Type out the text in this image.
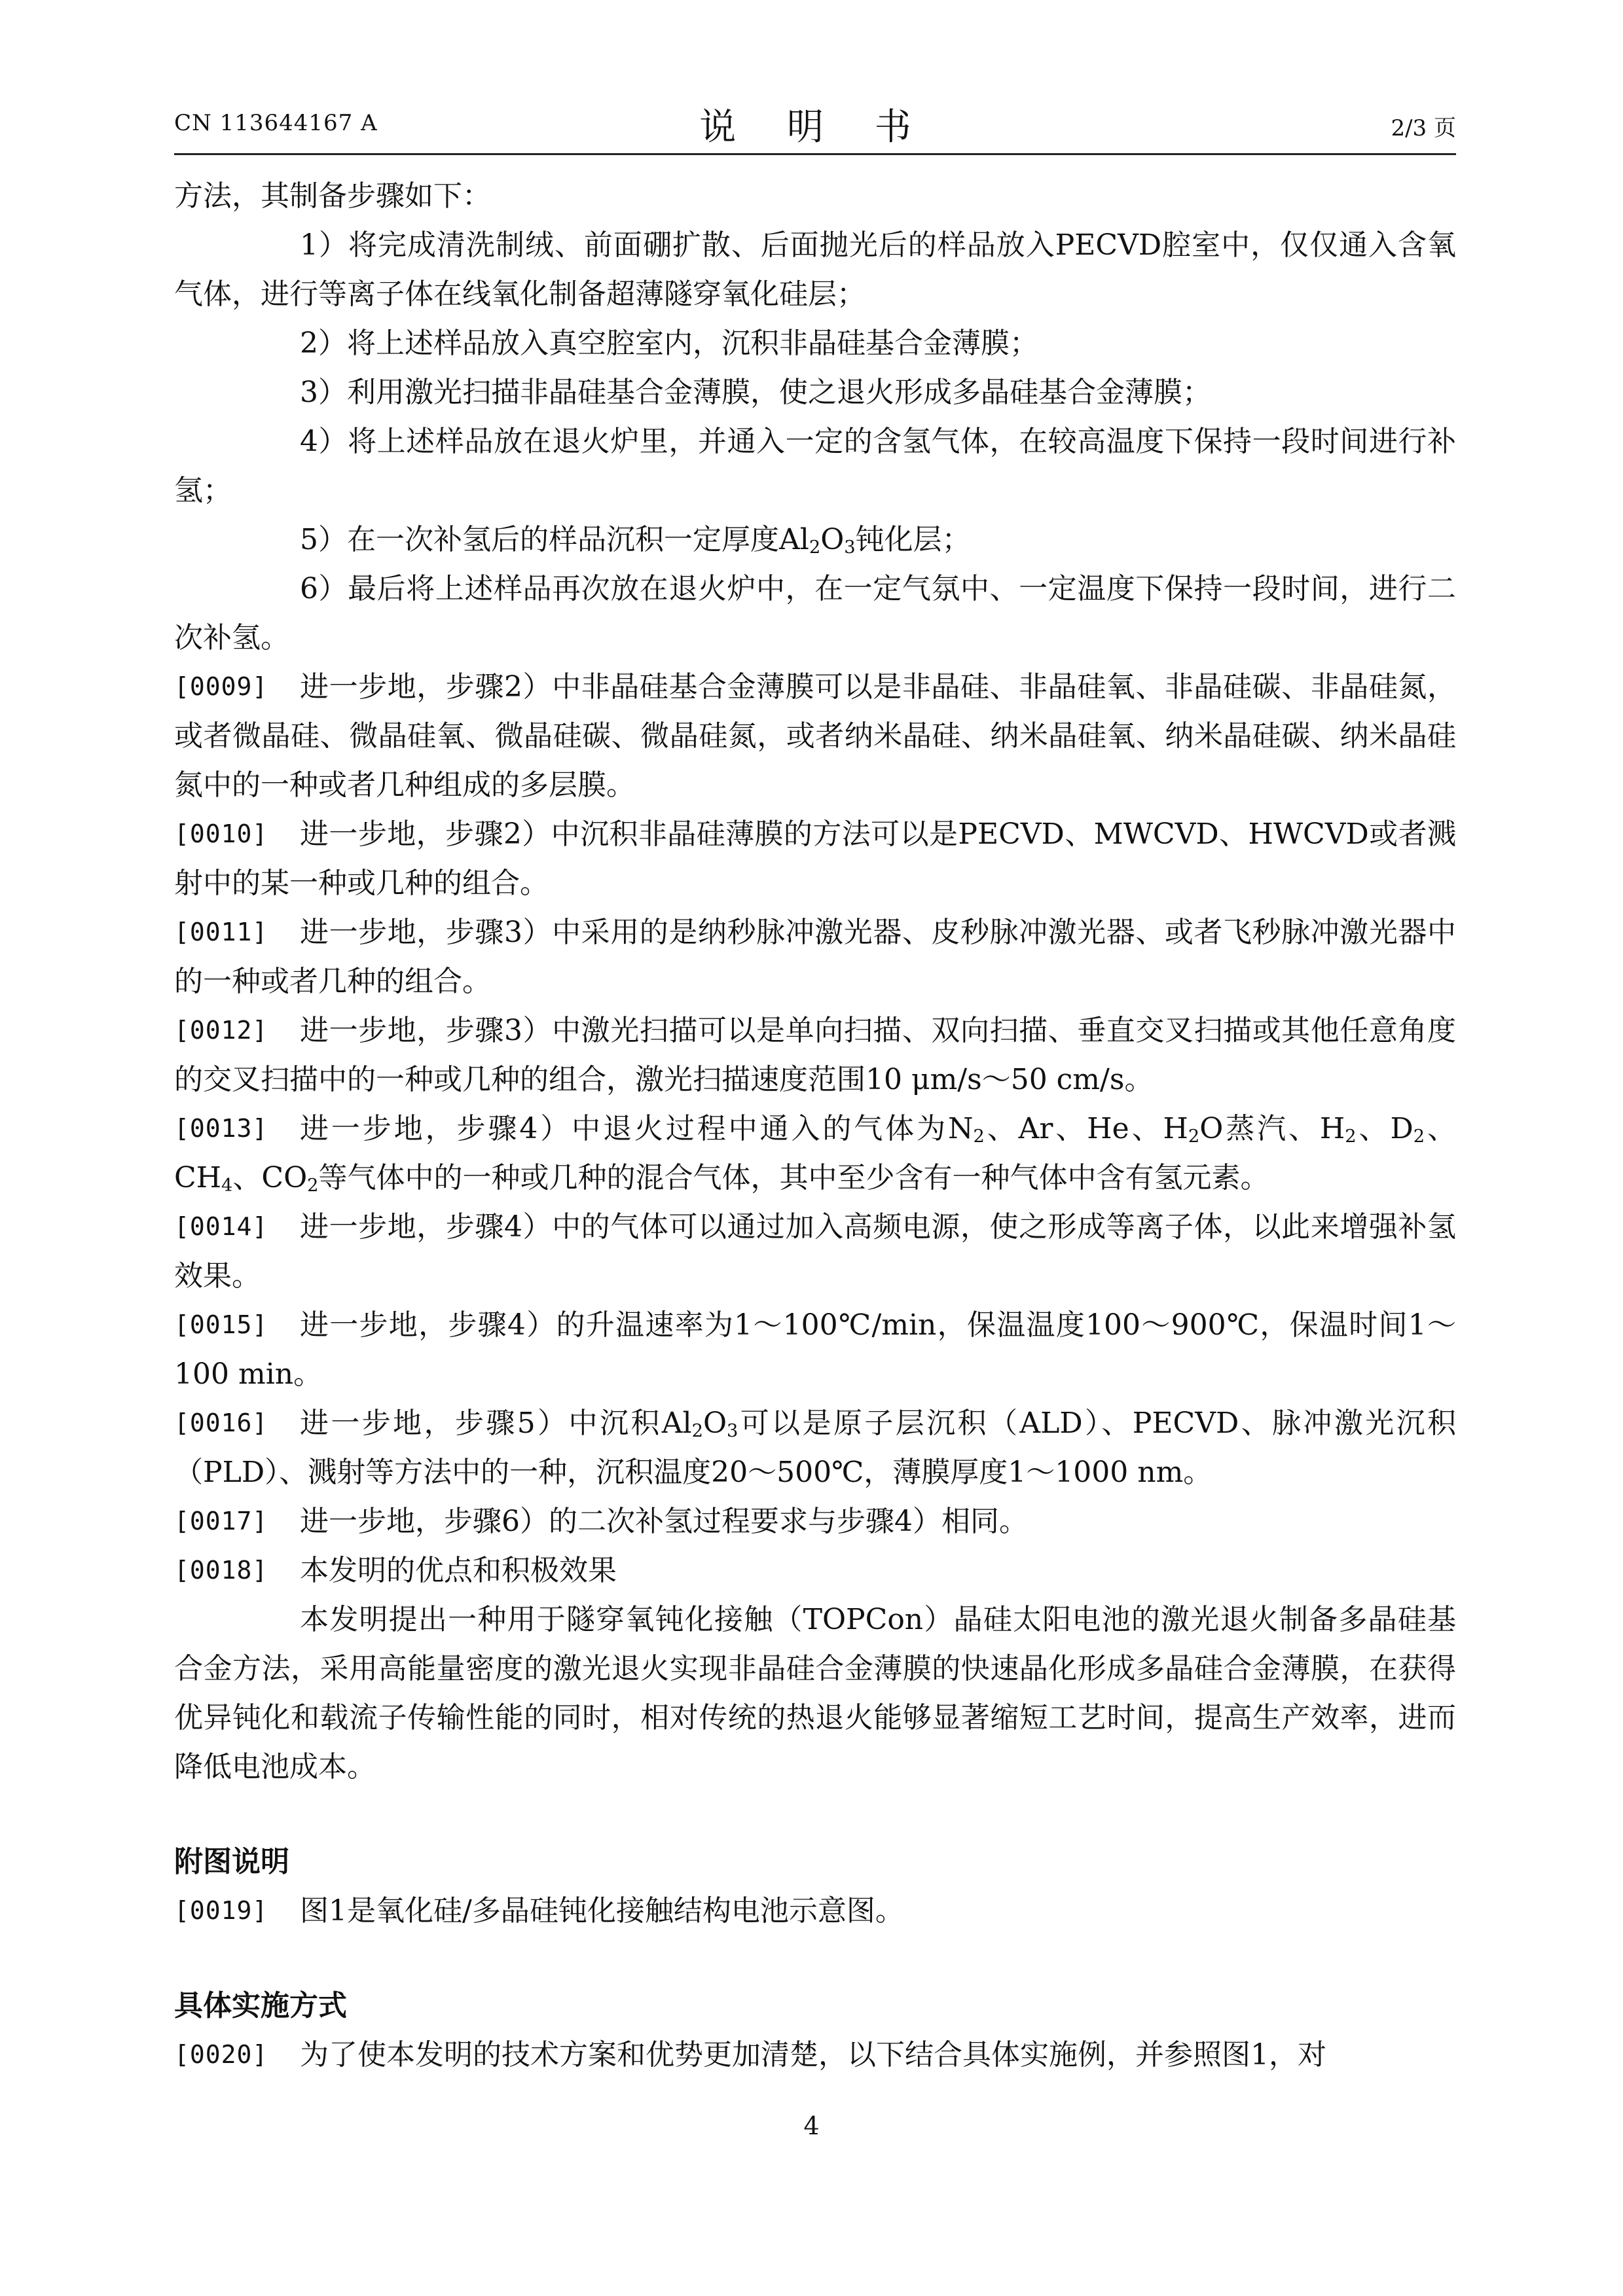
CN 113644167 A	说 明 书	2/3 页

方法，其制备步骤如下：

1）将完成清洗制绒、前面硼扩散、后面抛光后的样品放入PECVD腔室中，仅仅通入含氧气体，进行等离子体在线氧化制备超薄隧穿氧化硅层；

2）将上述样品放入真空腔室内，沉积非晶硅基合金薄膜；

3）利用激光扫描非晶硅基合金薄膜，使之退火形成多晶硅基合金薄膜；

4）将上述样品放在退火炉里，并通入一定的含氢气体，在较高温度下保持一段时间进行补氢；

5）在一次补氢后的样品沉积一定厚度$Al_2O_3$钝化层；

6）最后将上述样品再次放在退火炉中，在一定气氛中、一定温度下保持一段时间，进行二次补氢。

[0009] 进一步地，步骤2）中非晶硅基合金薄膜可以是非晶硅、非晶硅氧、非晶硅碳、非晶硅氮，或者微晶硅、微晶硅氧、微晶硅碳、微晶硅氮，或者纳米晶硅、纳米晶硅氧、纳米晶硅碳、纳米晶硅氮中的一种或者几种组成的多层膜。

[0010] 进一步地，步骤2）中沉积非晶硅薄膜的方法可以是PECVD、MWCVD、HWCVD或者溅射中的某一种或几种的组合。

[0011] 进一步地，步骤3）中采用的是纳秒脉冲激光器、皮秒脉冲激光器、或者飞秒脉冲激光器中的一种或者几种的组合。

[0012] 进一步地，步骤3）中激光扫描可以是单向扫描、双向扫描、垂直交叉扫描或其他任意角度的交叉扫描中的一种或几种的组合，激光扫描速度范围10 μm/s～50 cm/s。

[0013] 进一步地，步骤4）中退火过程中通入的气体为$N_2$、Ar、He、$H_2O$蒸汽、$H_2$、$D_2$、$CH_4$、$CO_2$等气体中的一种或几种的混合气体，其中至少含有一种气体中含有氢元素。

[0014] 进一步地，步骤4）中的气体可以通过加入高频电源，使之形成等离子体，以此来增强补氢效果。

[0015] 进一步地，步骤4）的升温速率为1～100℃/min，保温温度100～900℃，保温时间1～100 min。

[0016] 进一步地，步骤5）中沉积$Al_2O_3$可以是原子层沉积（ALD）、PECVD、脉冲激光沉积（PLD）、溅射等方法中的一种，沉积温度20～500℃，薄膜厚度1～1000 nm。

[0017] 进一步地，步骤6）的二次补氢过程要求与步骤4）相同。

[0018] 本发明的优点和积极效果

本发明提出一种用于隧穿氧钝化接触（TOPCon）晶硅太阳电池的激光退火制备多晶硅基合金方法，采用高能量密度的激光退火实现非晶硅合金薄膜的快速晶化形成多晶硅合金薄膜，在获得优异钝化和载流子传输性能的同时，相对传统的热退火能够显著缩短工艺时间，提高生产效率，进而降低电池成本。

附图说明

[0019] 图1是氧化硅/多晶硅钝化接触结构电池示意图。

具体实施方式

[0020] 为了使本发明的技术方案和优势更加清楚，以下结合具体实施例，并参照图1，对

4
